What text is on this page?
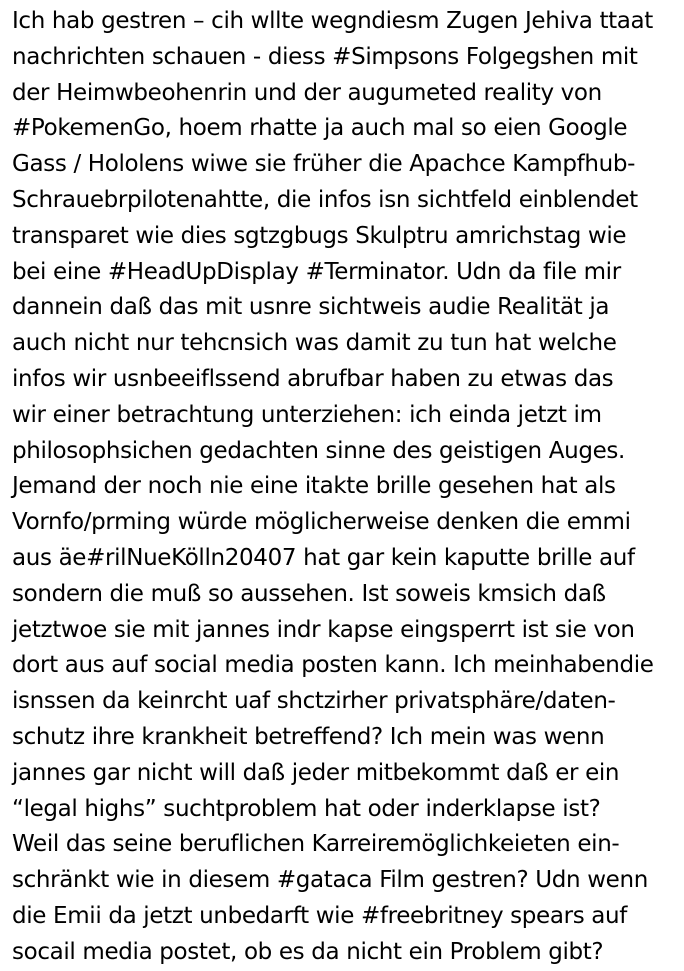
Ich hab gestren – cih wllte wegndiesm Zugen Jehiva ttaat
nachrichten schauen - diess #Simpsons Folgegshen mit
der Heimwbeohenrin und der augumeted reality von
#PokemenGo, hoem rhatte ja auch mal so eien Google
Gass / Hololens wiwe sie früher die Apachce Kampfhub-
Schrauebrpilotenahtte, die infos isn sichtfeld einblendet
transparet wie dies sgtzgbugs Skulptru amrichstag wie
bei eine #HeadUpDisplay #Terminator. Udn da file mir
dannein daß das mit usnre sichtweis audie Realität ja
auch nicht nur tehcnsich was damit zu tun hat welche
infos wir usnbeeiflssend abrufbar haben zu etwas das
wir einer betrachtung unterziehen: ich einda jetzt im
philosophsichen gedachten sinne des geistigen Auges.
Jemand der noch nie eine itakte brille gesehen hat als
Vornfo/prming würde möglicherweise denken die emmi
aus äe#rilNueKölln20407 hat gar kein kaputte brille auf
sondern die muß so aussehen. Ist soweis kmsich daß
jetztwoe sie mit jannes indr kapse eingsperrt ist sie von
dort aus auf social media posten kann. Ich meinhabendie
isnssen da keinrcht uaf shctzirher privatsphäre/daten-
schutz ihre krankheit betreffend? Ich mein was wenn
jannes gar nicht will daß jeder mitbekommt daß er ein
“legal highs” suchtproblem hat oder inderklapse ist?
Weil das seine beruflichen Karreiremöglichkeieten ein-
schränkt wie in diesem #gataca Film gestren? Udn wenn
die Emii da jetzt unbedarft wie #freebritney spears auf
socail media postet, ob es da nicht ein Problem gibt?
